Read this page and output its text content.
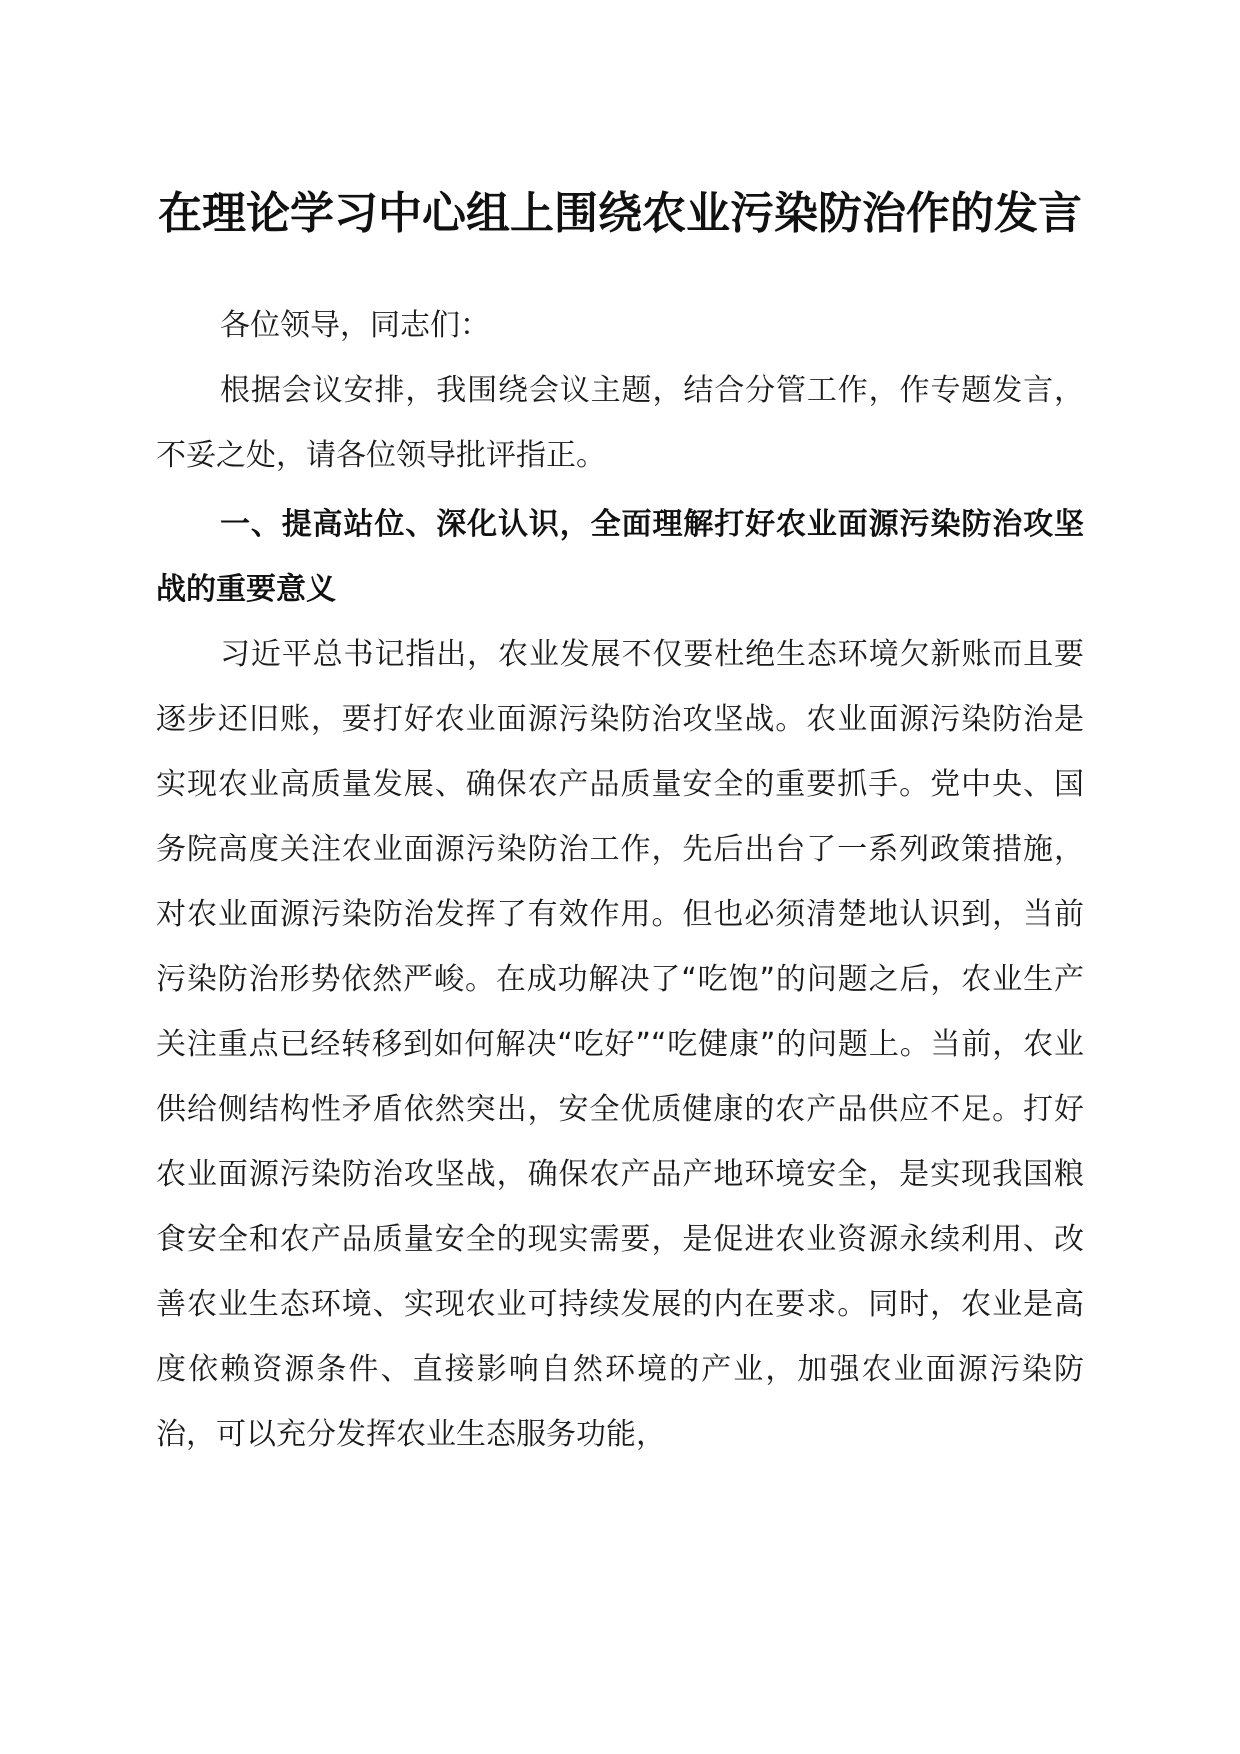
在理论学习中心组上围绕农业污染防治作的发言

各位领导，同志们：

根据会议安排，我围绕会议主题，结合分管工作，作专题发言，不妥之处，请各位领导批评指正。

一、提高站位、深化认识，全面理解打好农业面源污染防治攻坚战的重要意义

习近平总书记指出，农业发展不仅要杜绝生态环境欠新账而且要逐步还旧账，要打好农业面源污染防治攻坚战。农业面源污染防治是实现农业高质量发展、确保农产品质量安全的重要抓手。党中央、国务院高度关注农业面源污染防治工作，先后出台了一系列政策措施，对农业面源污染防治发挥了有效作用。但也必须清楚地认识到，当前污染防治形势依然严峻。在成功解决了“吃饱”的问题之后，农业生产关注重点已经转移到如何解决“吃好”“吃健康”的问题上。当前，农业供给侧结构性矛盾依然突出，安全优质健康的农产品供应不足。打好农业面源污染防治攻坚战，确保农产品产地环境安全，是实现我国粮食安全和农产品质量安全的现实需要，是促进农业资源永续利用、改善农业生态环境、实现农业可持续发展的内在要求。同时，农业是高度依赖资源条件、直接影响自然环境的产业，加强农业面源污染防治，可以充分发挥农业生态服务功能，
